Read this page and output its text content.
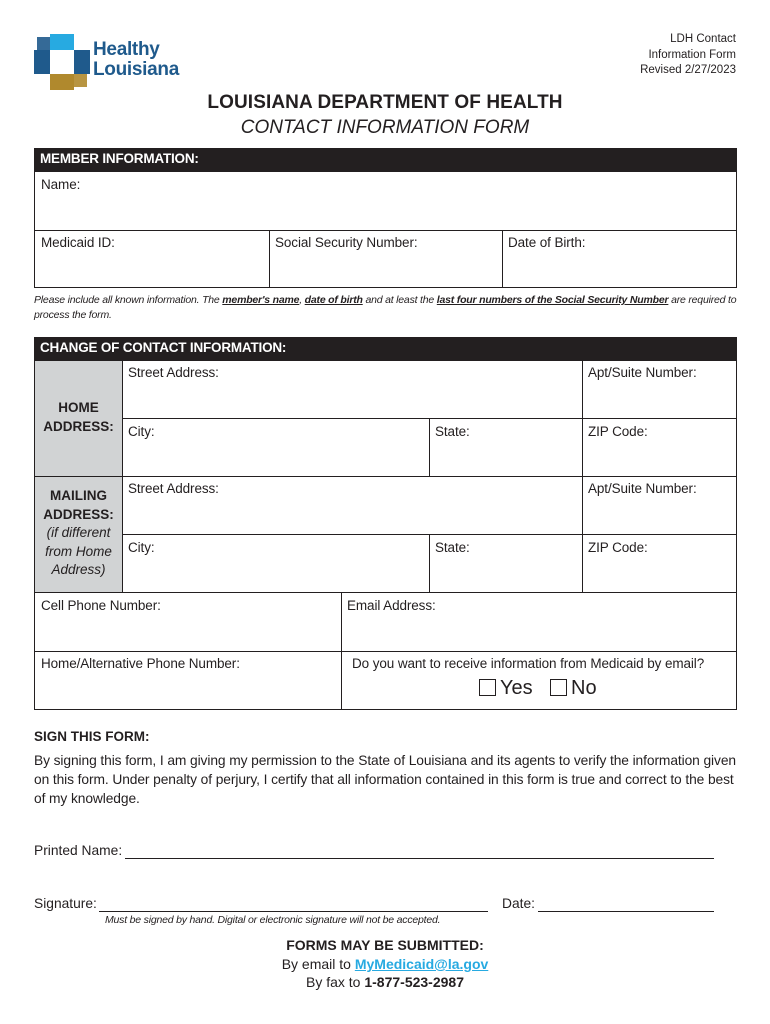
Healthy
Louisiana
LDH Contact
Information Form
Revised 2/27/2023
LOUISIANA DEPARTMENT OF HEALTH
CONTACT INFORMATION FORM
MEMBER INFORMATION:
Name:
Medicaid ID:	Social Security Number:	Date of Birth:
Please include all known information. The member's name, date of birth and at least the last four numbers of the Social Security Number are required to process the form.
CHANGE OF CONTACT INFORMATION:
HOME
ADDRESS:
Street Address:	Apt/Suite Number:
City:	State:	ZIP Code:
MAILING
ADDRESS:
(if different
from Home
Address)
Street Address:	Apt/Suite Number:
City:	State:	ZIP Code:
Cell Phone Number:	Email Address:
Home/Alternative Phone Number:	Do you want to receive information from Medicaid by email?
Yes	No
SIGN THIS FORM:
By signing this form, I am giving my permission to the State of Louisiana and its agents to verify the information given on this form. Under penalty of perjury, I certify that all information contained in this form is true and correct to the best of my knowledge.
Printed Name:
Signature:	Date:
Must be signed by hand. Digital or electronic signature will not be accepted.
FORMS MAY BE SUBMITTED:
By email to MyMedicaid@la.gov
By fax to 1-877-523-2987
